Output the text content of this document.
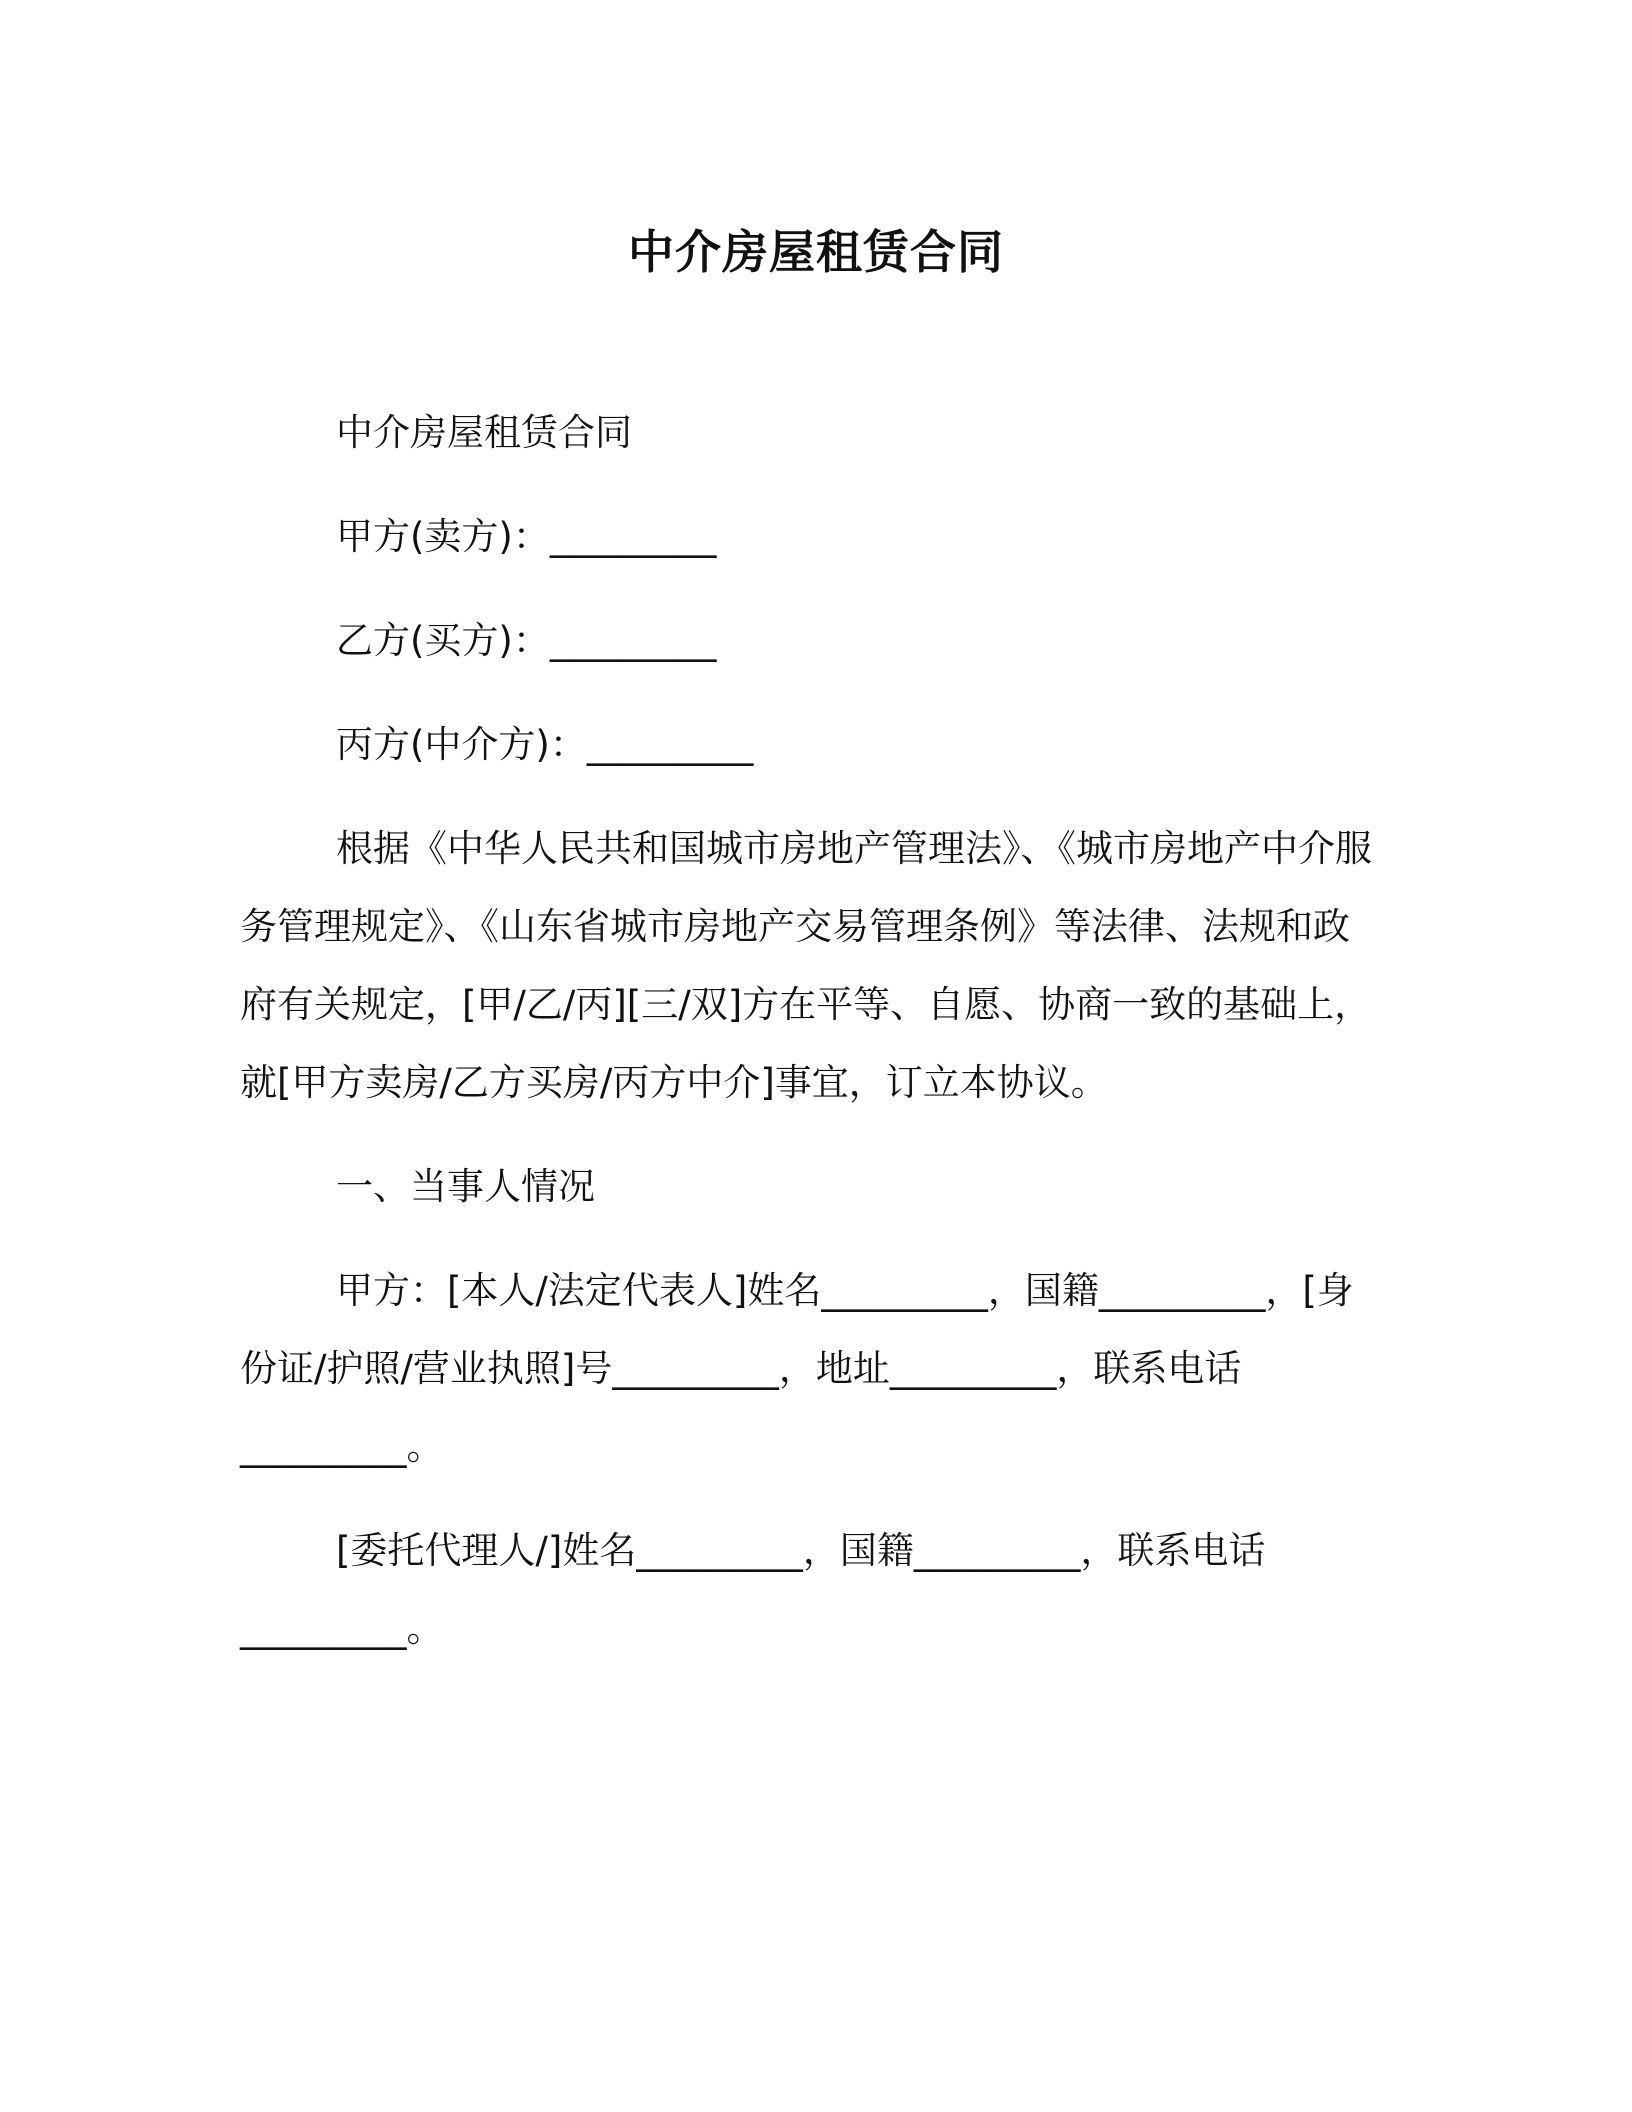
中介房屋租赁合同

中介房屋租赁合同

甲方(卖方)：_________

乙方(买方)：_________

丙方(中介方)：_________

根据《中华人民共和国城市房地产管理法》、《城市房地产中介服务管理规定》、《山东省城市房地产交易管理条例》等法律、法规和政府有关规定，[甲/乙/丙][三/双]方在平等、自愿、协商一致的基础上，就[甲方卖房/乙方买房/丙方中介]事宜，订立本协议。

一、当事人情况

甲方：[本人/法定代表人]姓名_________，国籍_________，[身份证/护照/营业执照]号_________，地址_________，联系电话_________。

[委托代理人/]姓名_________，国籍_________，联系电话_________。
